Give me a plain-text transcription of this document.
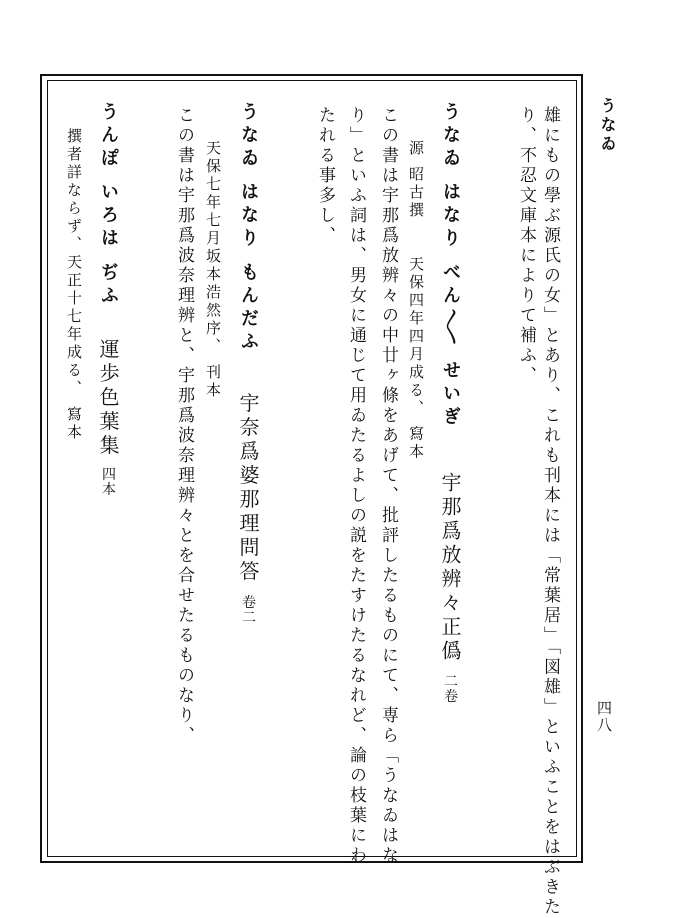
うなゐ
四八
雄にもの學ぶ源氏の女」とあり、これも刊本には「常葉居」「図雄」といふことをはぶきた
り、不忍文庫本によりて補ふ、
うなゐ はなり べん〳〵 せいぎ宇那爲放辨々正僞二卷
源 昭古撰　　天保四年四月成る、 寫本
この書は宇那爲放辨々の中廿ヶ條をあげて、批評したるものにて、専ら「うなゐはな
り」といふ詞は、男女に通じて用ゐたるよしの説をたすけたるなれど、論の枝葉にわ
たれる事多し、
うなゐ はなり もんだふ宇奈爲婆那理問答卷二
天保七年七月坂本浩然序、 刊本
この書は宇那爲波奈理辨と、宇那爲波奈理辨々とを合せたるものなり、
うんぽ いろは ぢふ運歩色葉集四本
撰者詳ならず、天正十七年成る、 寫本
